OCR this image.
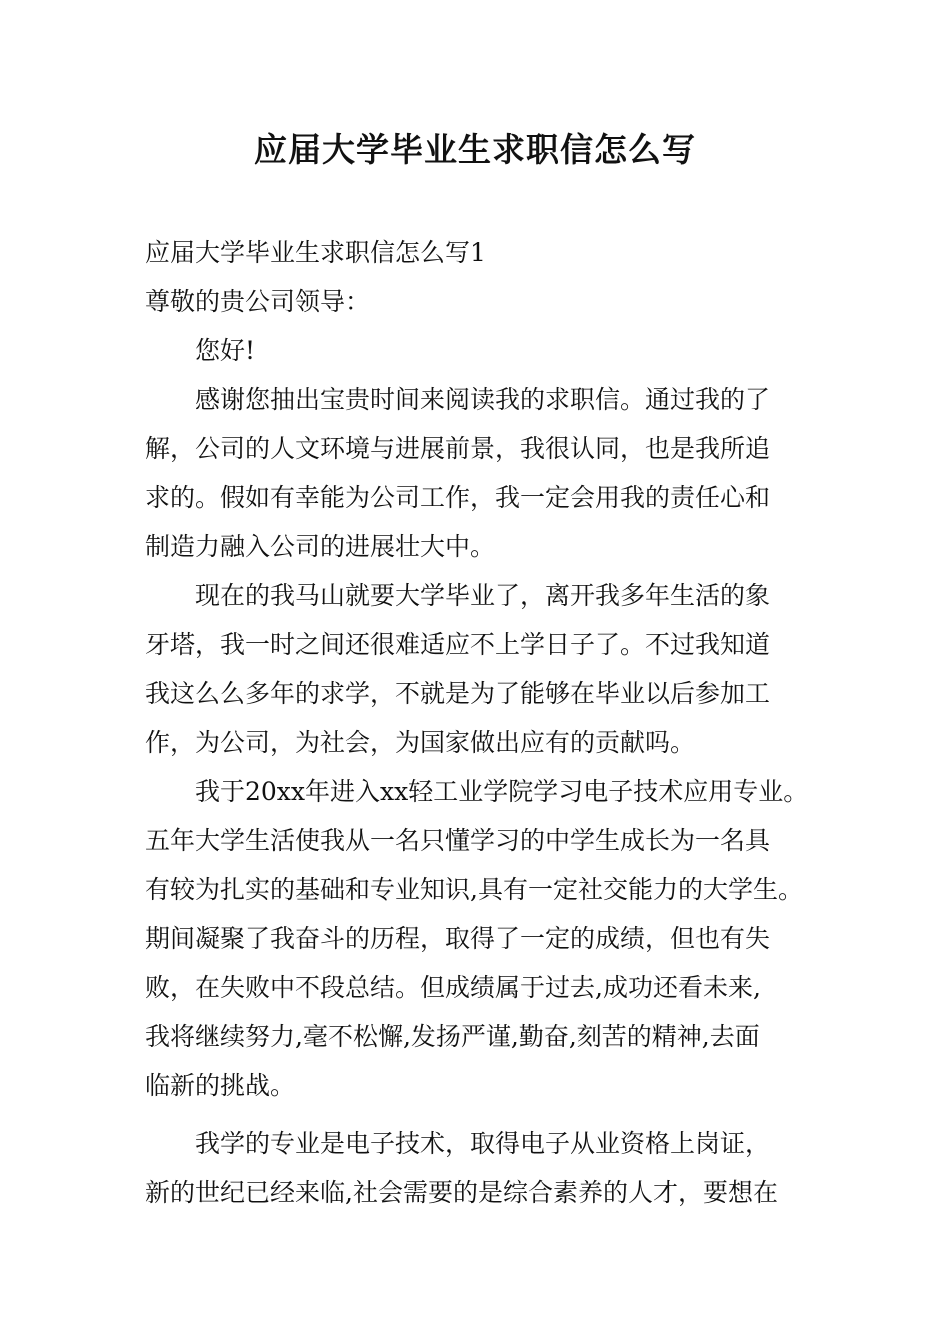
应届大学毕业生求职信怎么写
应届大学毕业生求职信怎么写1
尊敬的贵公司领导：
　　您好!
　　感谢您抽出宝贵时间来阅读我的求职信。通过我的了
解，公司的人文环境与进展前景，我很认同，也是我所追
求的。假如有幸能为公司工作，我一定会用我的责任心和
制造力融入公司的进展壮大中。
　　现在的我马山就要大学毕业了，离开我多年生活的象
牙塔，我一时之间还很难适应不上学日子了。不过我知道
我这么么多年的求学，不就是为了能够在毕业以后参加工
作，为公司，为社会，为国家做出应有的贡献吗。
　　我于20xx年进入xx轻工业学院学习电子技术应用专业。
五年大学生活使我从一名只懂学习的中学生成长为一名具
有较为扎实的基础和专业知识,具有一定社交能力的大学生。
期间凝聚了我奋斗的历程，取得了一定的成绩，但也有失
败，在失败中不段总结。但成绩属于过去,成功还看未来,
我将继续努力,毫不松懈,发扬严谨,勤奋,刻苦的精神,去面
临新的挑战。
　　我学的专业是电子技术，取得电子从业资格上岗证，
新的世纪已经来临,社会需要的是综合素养的人才，要想在
